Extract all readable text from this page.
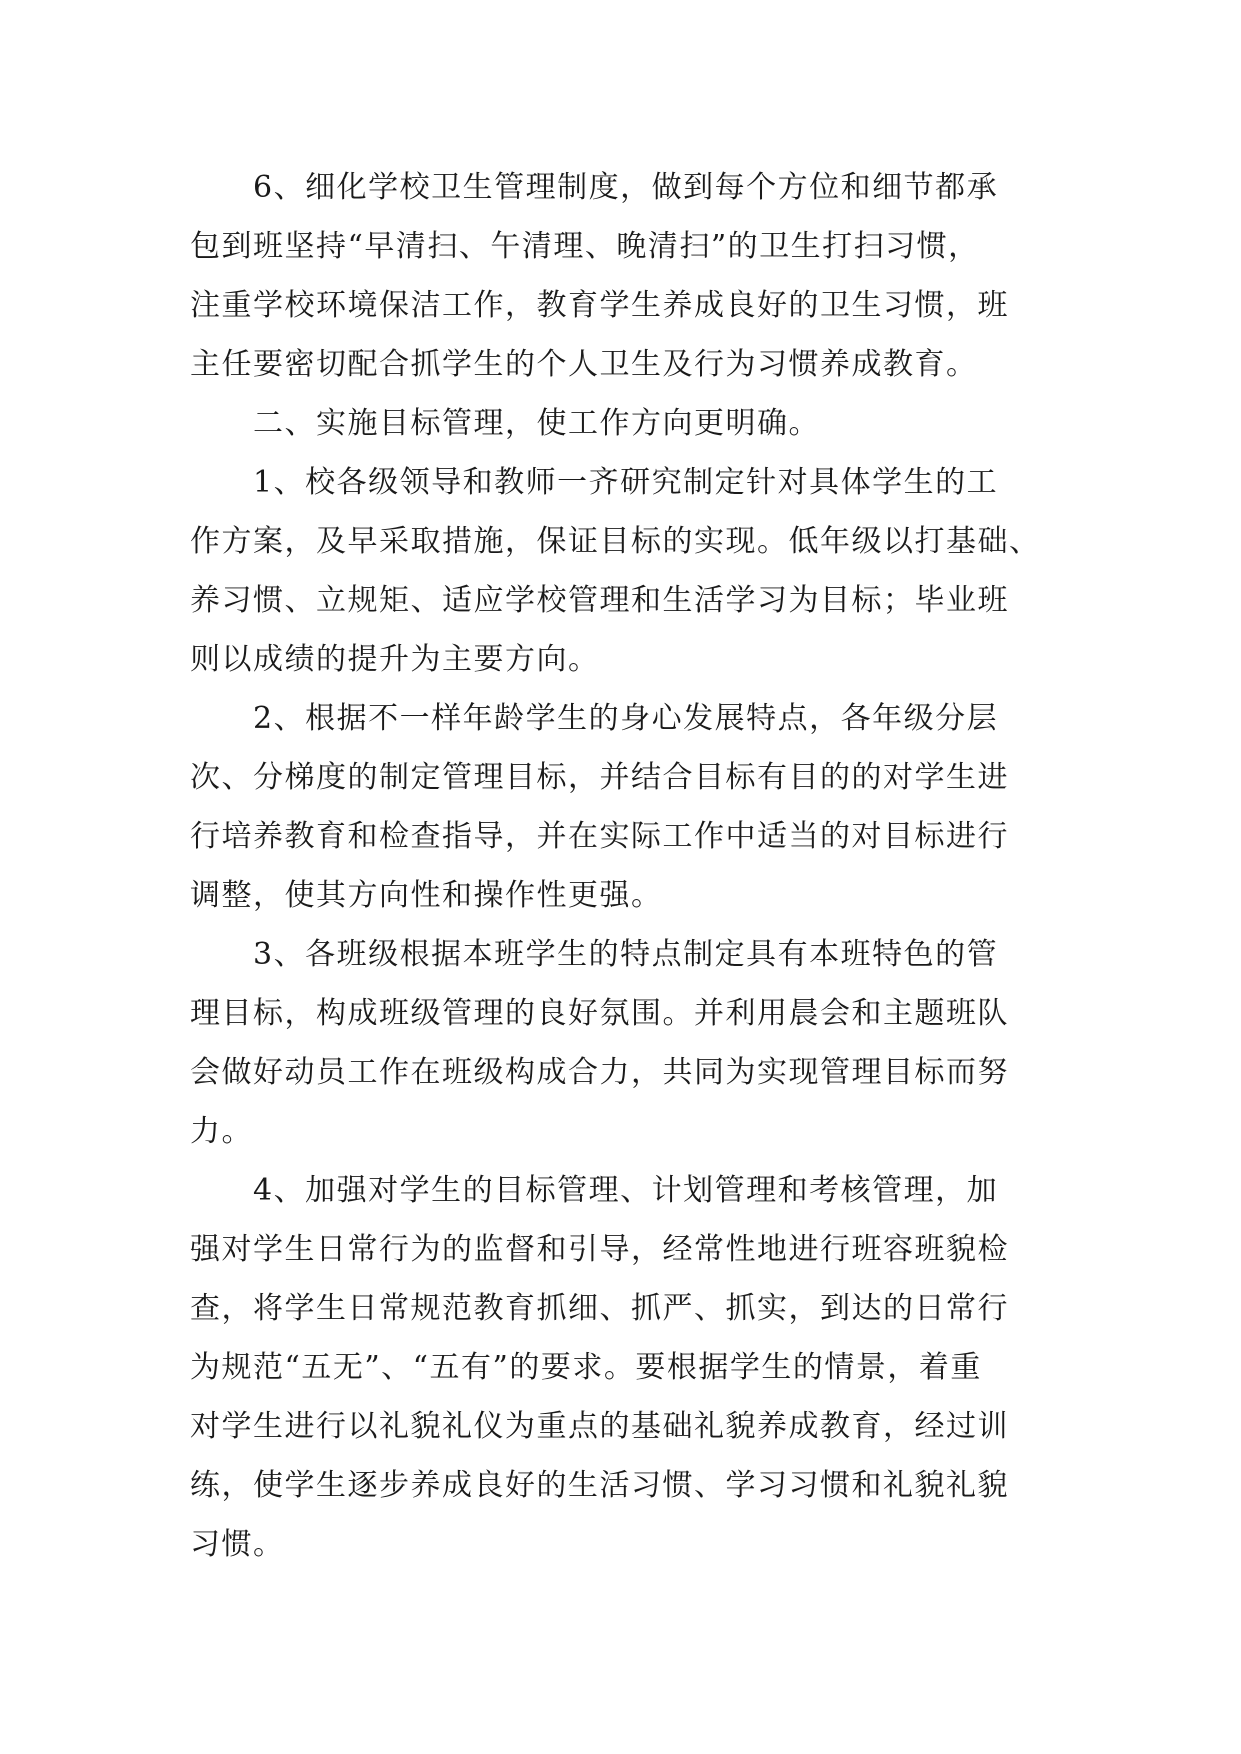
　　6、细化学校卫生管理制度，做到每个方位和细节都承
包到班坚持“早清扫、午清理、晚清扫”的卫生打扫习惯，
注重学校环境保洁工作，教育学生养成良好的卫生习惯，班
主任要密切配合抓学生的个人卫生及行为习惯养成教育。
　　二、实施目标管理，使工作方向更明确。
　　1、校各级领导和教师一齐研究制定针对具体学生的工
作方案，及早采取措施，保证目标的实现。低年级以打基础、
养习惯、立规矩、适应学校管理和生活学习为目标；毕业班
则以成绩的提升为主要方向。
　　2、根据不一样年龄学生的身心发展特点，各年级分层
次、分梯度的制定管理目标，并结合目标有目的的对学生进
行培养教育和检查指导，并在实际工作中适当的对目标进行
调整，使其方向性和操作性更强。
　　3、各班级根据本班学生的特点制定具有本班特色的管
理目标，构成班级管理的良好氛围。并利用晨会和主题班队
会做好动员工作在班级构成合力，共同为实现管理目标而努
力。
　　4、加强对学生的目标管理、计划管理和考核管理，加
强对学生日常行为的监督和引导，经常性地进行班容班貌检
查，将学生日常规范教育抓细、抓严、抓实，到达的日常行
为规范“五无”、“五有”的要求。要根据学生的情景，着重
对学生进行以礼貌礼仪为重点的基础礼貌养成教育，经过训
练，使学生逐步养成良好的生活习惯、学习习惯和礼貌礼貌
习惯。
